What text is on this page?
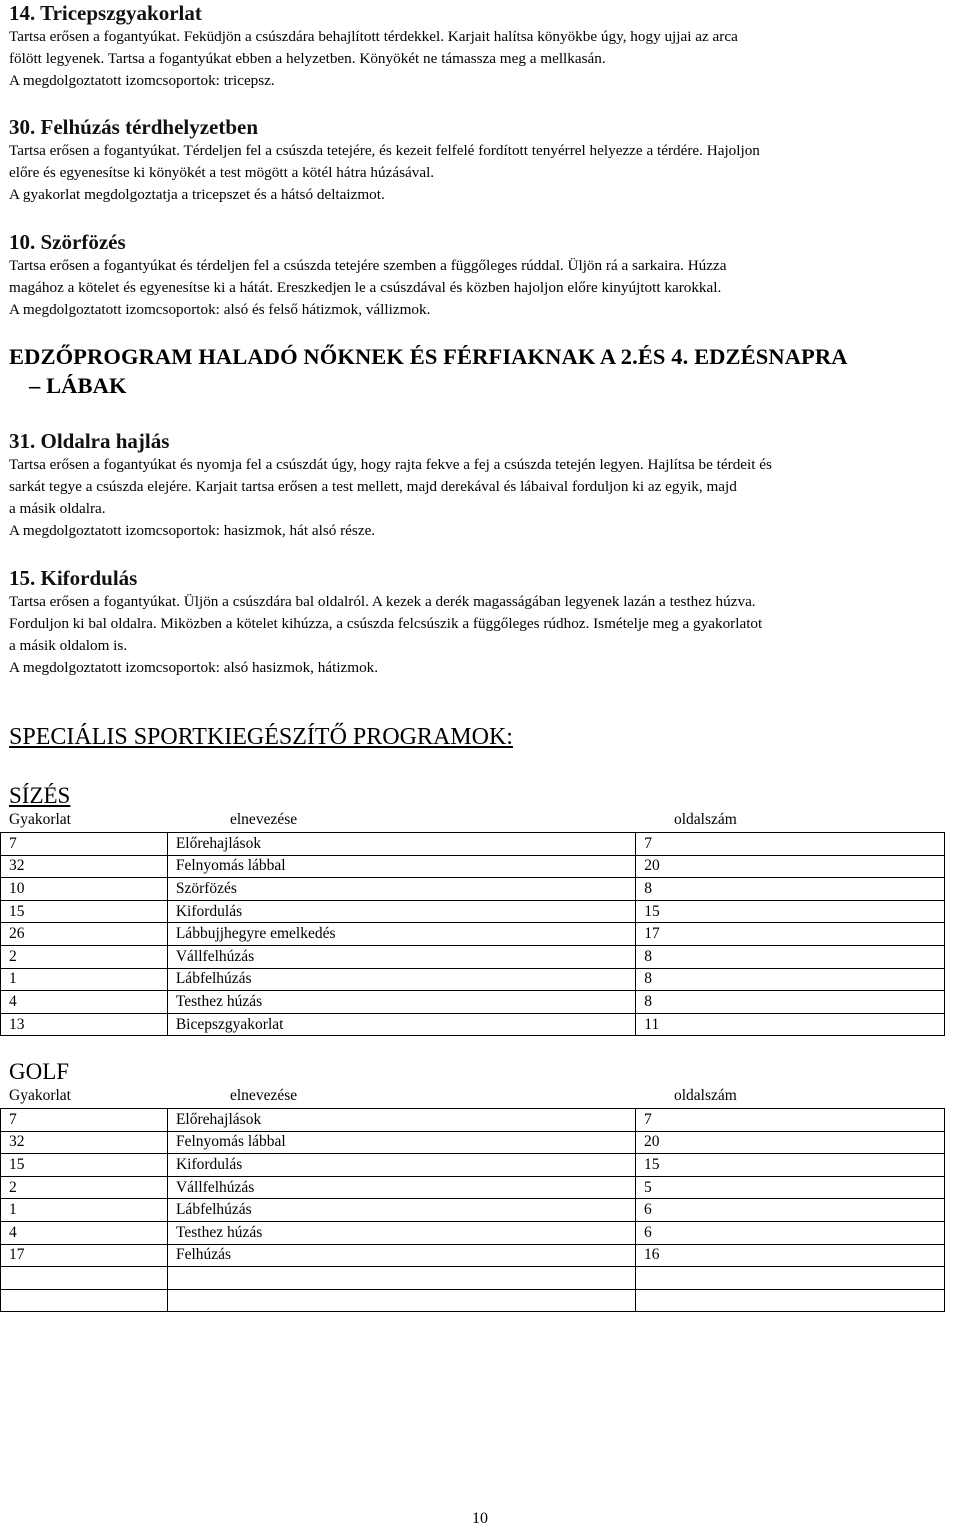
14. Tricepszgyakorlat

Tartsa erősen a fogantyúkat. Feküdjön a csúszdára behajlított térdekkel. Karjait halítsa könyökbe úgy, hogy ujjai az arca

fölött legyenek. Tartsa a fogantyúkat ebben a helyzetben. Könyökét ne támassza meg a mellkasán.

A megdolgoztatott izomcsoportok: tricepsz.

30. Felhúzás térdhelyzetben

Tartsa erősen a fogantyúkat. Térdeljen fel a csúszda tetejére, és kezeit felfelé fordított tenyérrel helyezze a térdére. Hajoljon

előre és egyenesítse ki könyökét a test mögött a kötél hátra húzásával.

A gyakorlat megdolgoztatja a tricepszet és a hátsó deltaizmot.

10. Szörfözés

Tartsa erősen a fogantyúkat és térdeljen fel a csúszda tetejére szemben a függőleges rúddal. Üljön rá a sarkaira. Húzza

magához a kötelet és egyenesítse ki a hátát. Ereszkedjen le a csúszdával és közben hajoljon előre kinyújtott karokkal.

A megdolgoztatott izomcsoportok: alsó és felső hátizmok, vállizmok.

EDZŐPROGRAM HALADÓ NŐKNEK ÉS FÉRFIAKNAK A 2.ÉS 4. EDZÉSNAPRA

– LÁBAK

31. Oldalra hajlás

Tartsa erősen a fogantyúkat és nyomja fel a csúszdát úgy, hogy rajta fekve a fej a csúszda tetején legyen. Hajlítsa be térdeit és

sarkát tegye a csúszda elejére. Karjait tartsa erősen a test mellett, majd derekával és lábaival forduljon ki az egyik, majd

a másik oldalra.

A megdolgoztatott izomcsoportok: hasizmok, hát alsó része.

15. Kifordulás

Tartsa erősen a fogantyúkat. Üljön a csúszdára bal oldalról. A kezek a derék magasságában legyenek lazán a testhez húzva.

Forduljon ki bal oldalra. Miközben a kötelet kihúzza, a csúszda felcsúszik a függőleges rúdhoz. Ismételje meg a gyakorlatot

a másik oldalom is.

A megdolgoztatott izomcsoportok: alsó hasizmok, hátizmok.

SPECIÁLIS SPORTKIEGÉSZÍTŐ PROGRAMOK:

SÍZÉS

Gyakorlat	elnevezése	oldalszám
7	Előrehajlások	7
32	Felnyomás lábbal	20
10	Szörfözés	8
15	Kifordulás	15
26	Lábbujjhegyre emelkedés	17
2	Vállfelhúzás	8
1	Lábfelhúzás	8
4	Testhez húzás	8
13	Bicepszgyakorlat	11

GOLF

Gyakorlat	elnevezése	oldalszám
7	Előrehajlások	7
32	Felnyomás lábbal	20
15	Kifordulás	15
2	Vállfelhúzás	5
1	Lábfelhúzás	6
4	Testhez húzás	6
17	Felhúzás	16

10
